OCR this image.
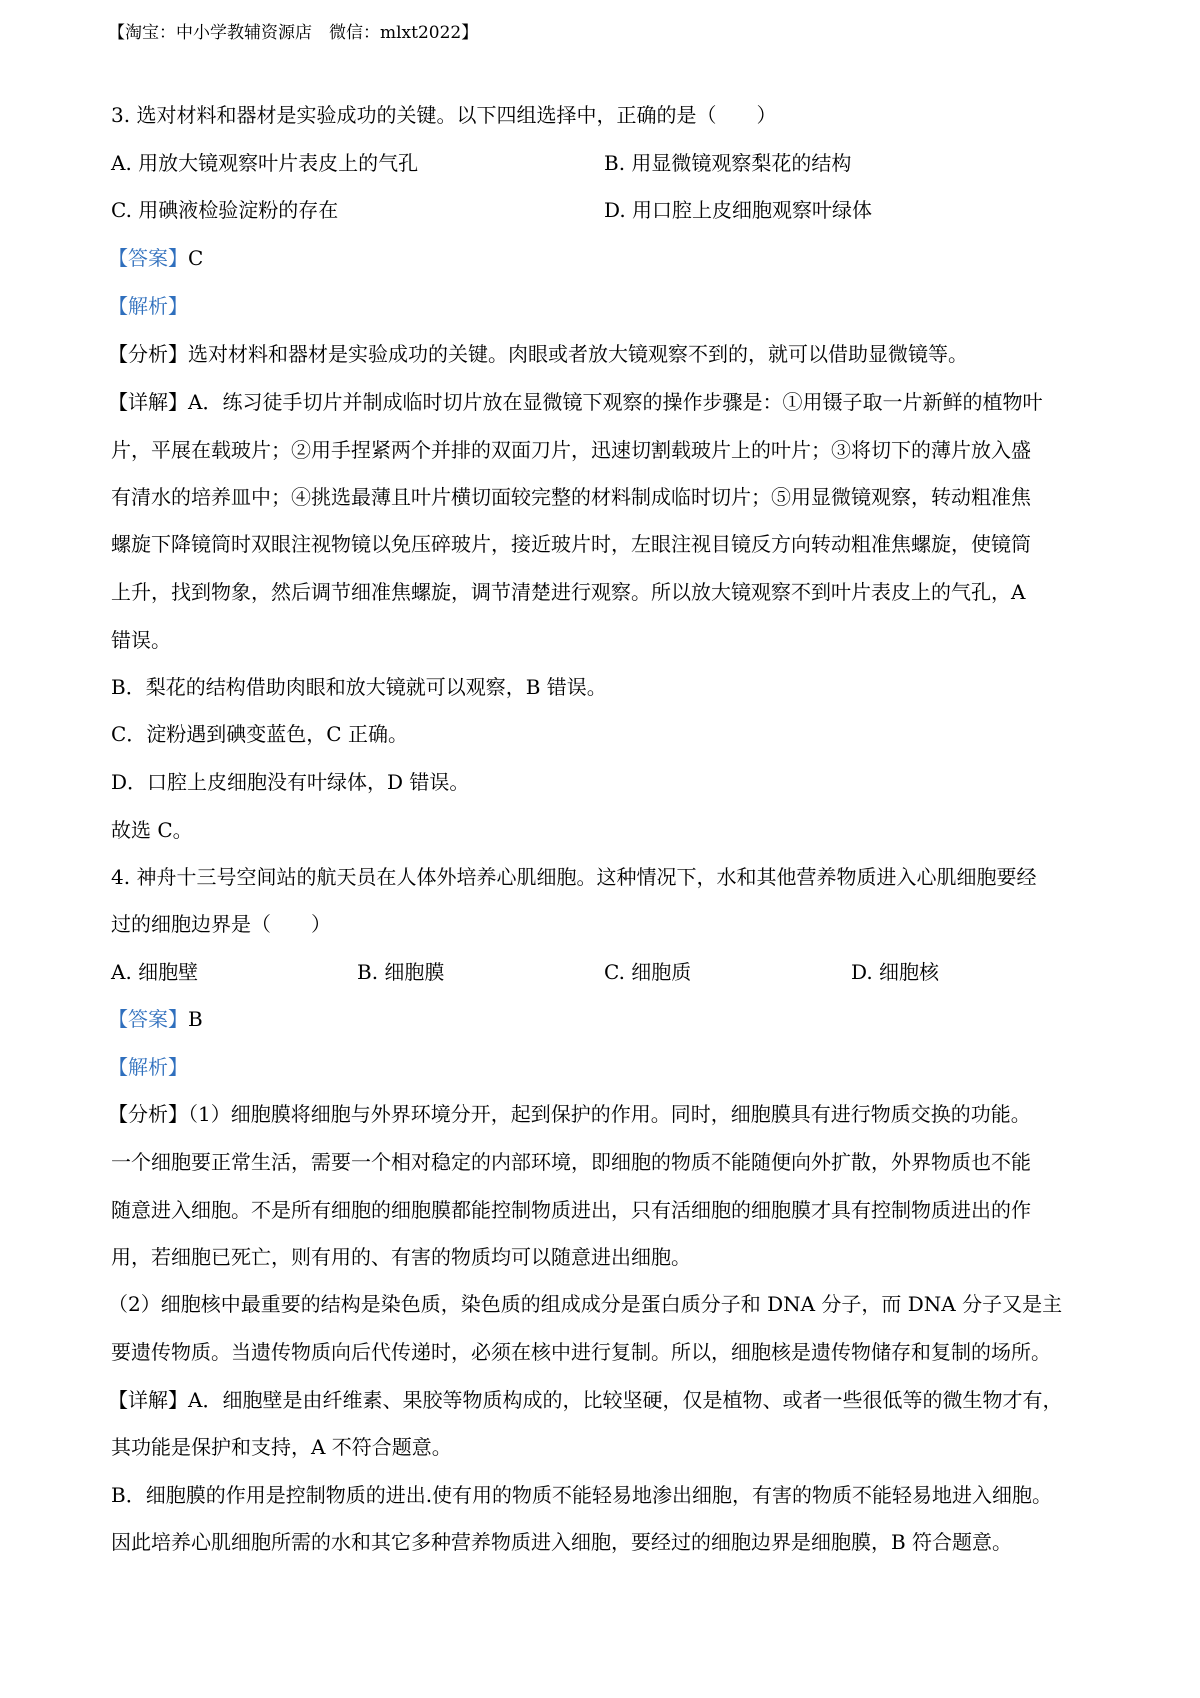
【淘宝：中小学教辅资源店　微信：mlxt2022】
3. 选对材料和器材是实验成功的关键。以下四组选择中，正确的是（　　）
A. 用放大镜观察叶片表皮上的气孔	B. 用显微镜观察梨花的结构
C. 用碘液检验淀粉的存在	D. 用口腔上皮细胞观察叶绿体
【答案】C
【解析】
【分析】选对材料和器材是实验成功的关键。肉眼或者放大镜观察不到的，就可以借助显微镜等。
【详解】A．练习徒手切片并制成临时切片放在显微镜下观察的操作步骤是：①用镊子取一片新鲜的植物叶
片，平展在载玻片；②用手捏紧两个并排的双面刀片，迅速切割载玻片上的叶片；③将切下的薄片放入盛
有清水的培养皿中；④挑选最薄且叶片横切面较完整的材料制成临时切片；⑤用显微镜观察，转动粗准焦
螺旋下降镜筒时双眼注视物镜以免压碎玻片，接近玻片时，左眼注视目镜反方向转动粗准焦螺旋，使镜筒
上升，找到物象，然后调节细准焦螺旋，调节清楚进行观察。所以放大镜观察不到叶片表皮上的气孔，A
错误。
B．梨花的结构借助肉眼和放大镜就可以观察，B 错误。
C．淀粉遇到碘变蓝色，C 正确。
D．口腔上皮细胞没有叶绿体，D 错误。
故选 C。
4. 神舟十三号空间站的航天员在人体外培养心肌细胞。这种情况下，水和其他营养物质进入心肌细胞要经
过的细胞边界是（　　）
A. 细胞壁	B. 细胞膜	C. 细胞质	D. 细胞核
【答案】B
【解析】
【分析】（1）细胞膜将细胞与外界环境分开，起到保护的作用。同时，细胞膜具有进行物质交换的功能。
一个细胞要正常生活，需要一个相对稳定的内部环境，即细胞的物质不能随便向外扩散，外界物质也不能
随意进入细胞。不是所有细胞的细胞膜都能控制物质进出，只有活细胞的细胞膜才具有控制物质进出的作
用，若细胞已死亡，则有用的、有害的物质均可以随意进出细胞。
（2）细胞核中最重要的结构是染色质，染色质的组成成分是蛋白质分子和 DNA 分子，而 DNA 分子又是主
要遗传物质。当遗传物质向后代传递时，必须在核中进行复制。所以，细胞核是遗传物储存和复制的场所。
【详解】A．细胞壁是由纤维素、果胶等物质构成的，比较坚硬，仅是植物、或者一些很低等的微生物才有，
其功能是保护和支持，A 不符合题意。
B．细胞膜的作用是控制物质的进出.使有用的物质不能轻易地渗出细胞，有害的物质不能轻易地进入细胞。
因此培养心肌细胞所需的水和其它多种营养物质进入细胞，要经过的细胞边界是细胞膜，B 符合题意。
